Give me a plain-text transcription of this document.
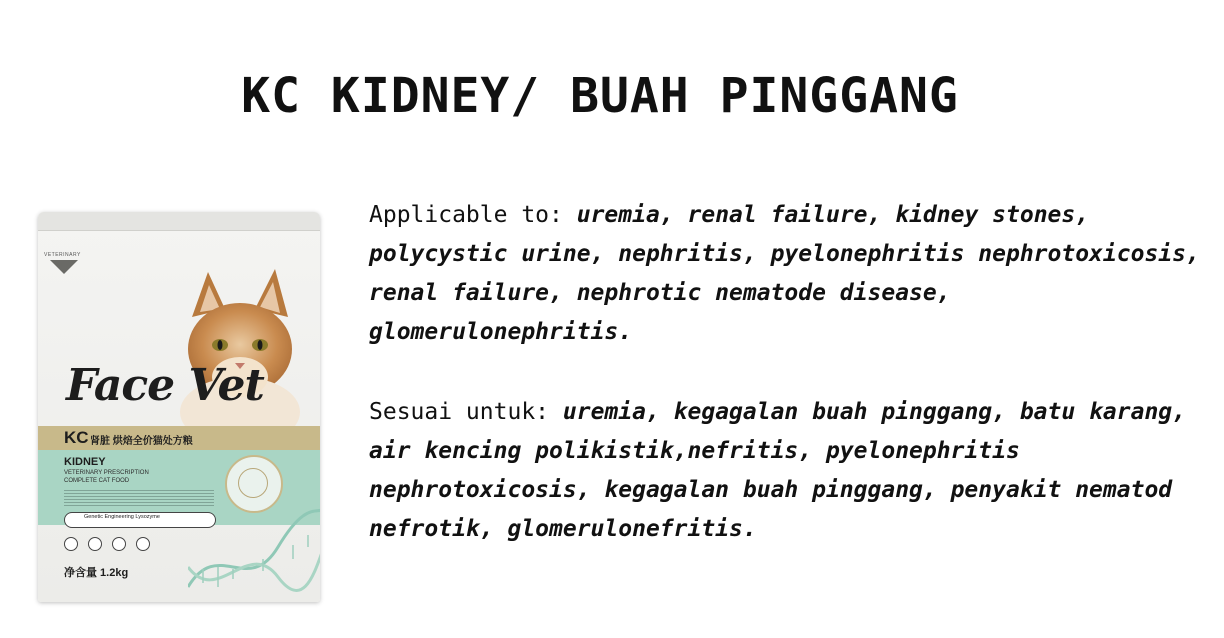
KC KIDNEY/ BUAH PINGGANG
VETERINARY
Face Vet
KC 肾脏 烘焙全价猫处方粮
KIDNEY
VETERINARY PRESCRIPTION
COMPLETE CAT FOOD
Genetic Engineering Lysozyme
净含量 1.2kg
Applicable to: uremia, renal failure, kidney stones, polycystic urine, nephritis, pyelonephritis nephrotoxicosis, renal failure, nephrotic nematode disease, glomerulonephritis.
Sesuai untuk: uremia, kegagalan buah pinggang, batu karang, air kencing polikistik,nefritis, pyelonephritis nephrotoxicosis, kegagalan buah pinggang, penyakit nematod nefrotik, glomerulonefritis.
